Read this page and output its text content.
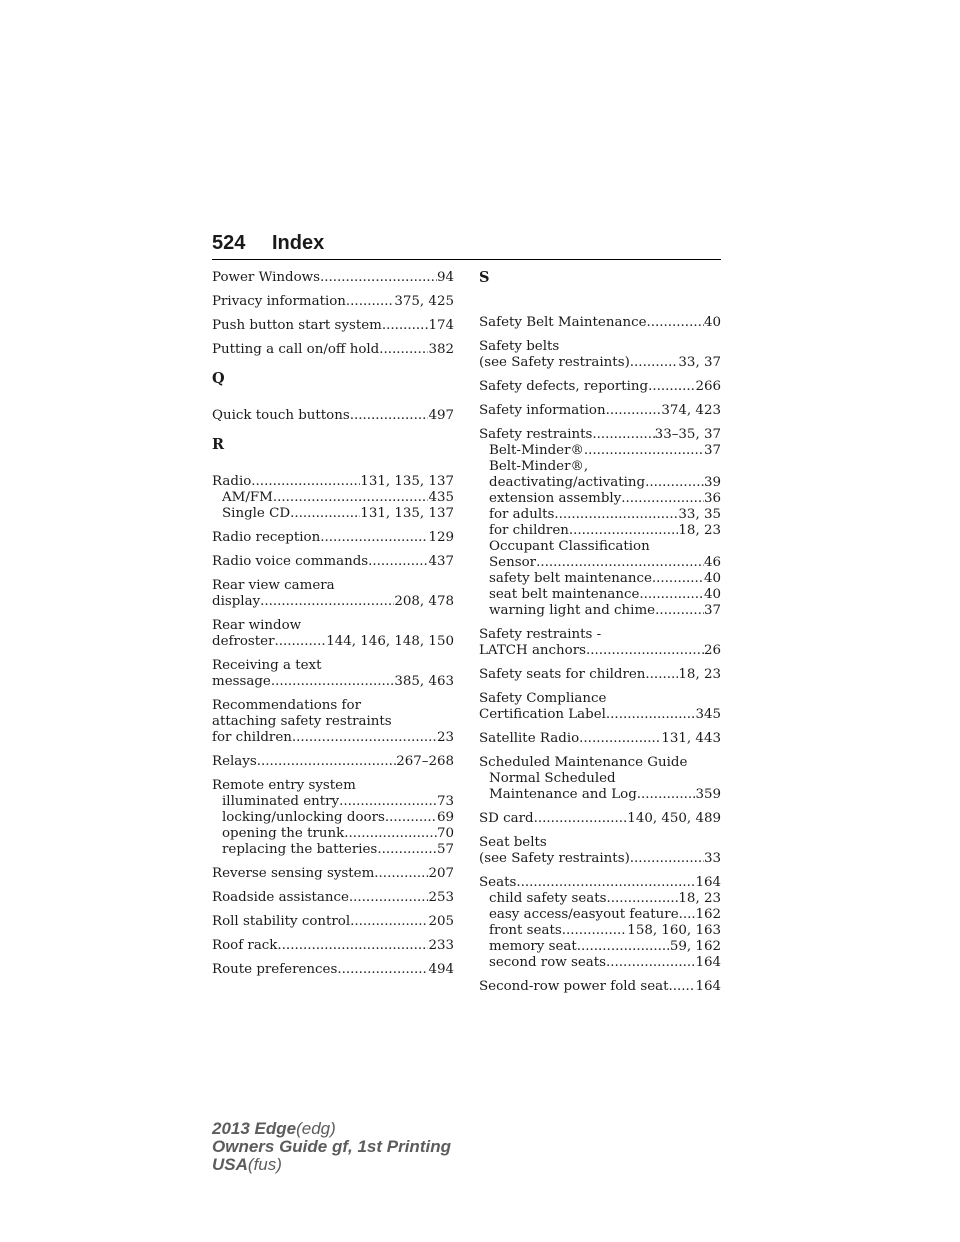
524 Index
Power Windows .....	94
Privacy information .....	375, 425
Push button start system .....	174
Putting a call on/off hold .....	382
Q
Quick touch buttons .....	497
R
Radio .....	131, 135, 137
AM/FM .....	435
Single CD .....	131, 135, 137
Radio reception .....	129
Radio voice commands .....	437
Rear view camera
display .....	208, 478
Rear window
defroster .....	144, 146, 148, 150
Receiving a text
message .....	385, 463
Recommendations for
attaching safety restraints
for children .....	23
Relays .....	267–268
Remote entry system
illuminated entry .....	73
locking/unlocking doors .....	69
opening the trunk .....	70
replacing the batteries .....	57
Reverse sensing system .....	207
Roadside assistance .....	253
Roll stability control .....	205
Roof rack .....	233
Route preferences .....	494
S
Safety Belt Maintenance .....	40
Safety belts
(see Safety restraints) .....	33, 37
Safety defects, reporting .....	266
Safety information .....	374, 423
Safety restraints .....	33–35, 37
Belt-Minder® .....	37
Belt-Minder®,
deactivating/activating .....	39
extension assembly .....	36
for adults .....	33, 35
for children .....	18, 23
Occupant Classification
Sensor .....	46
safety belt maintenance .....	40
seat belt maintenance .....	40
warning light and chime .....	37
Safety restraints -
LATCH anchors .....	26
Safety seats for children ..... 18, 23
Safety Compliance
Certification Label .....	345
Satellite Radio .....	131, 443
Scheduled Maintenance Guide
Normal Scheduled
Maintenance and Log .....	359
SD card .....	140, 450, 489
Seat belts
(see Safety restraints) .....	33
Seats .....	164
child safety seats .....	18, 23
easy access/easyout feature ..... 162
front seats .....	158, 160, 163
memory seat .....	59, 162
second row seats .....	164
Second-row power fold seat ..... 164
2013 Edge(edg)
Owners Guide gf, 1st Printing
USA(fus)
